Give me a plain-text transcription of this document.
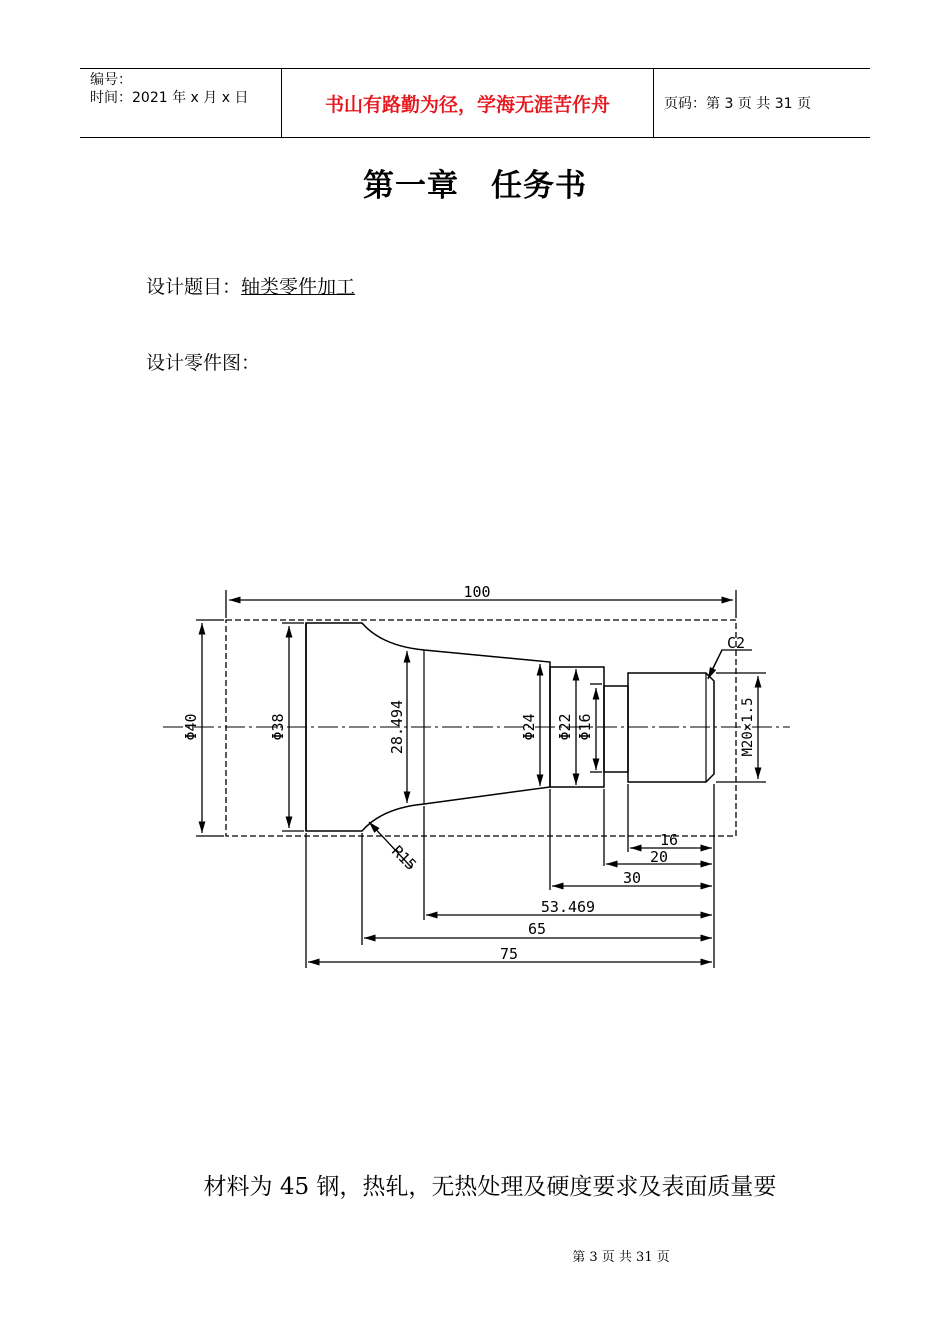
编号：
时间：2021 年 x 月 x 日	书山有路勤为径，学海无涯苦作舟	页码：第 3 页 共 31 页
第一章　任务书
设计题目：轴类零件加工
设计零件图：
100
Φ40	Φ38	28.494	Φ24 Φ22 Φ16	M20×1.5
C2
R15
16
20
30
53.469
65
75
材料为 45 钢，热轧，无热处理及硬度要求及表面质量要
第 3 页 共 31 页
